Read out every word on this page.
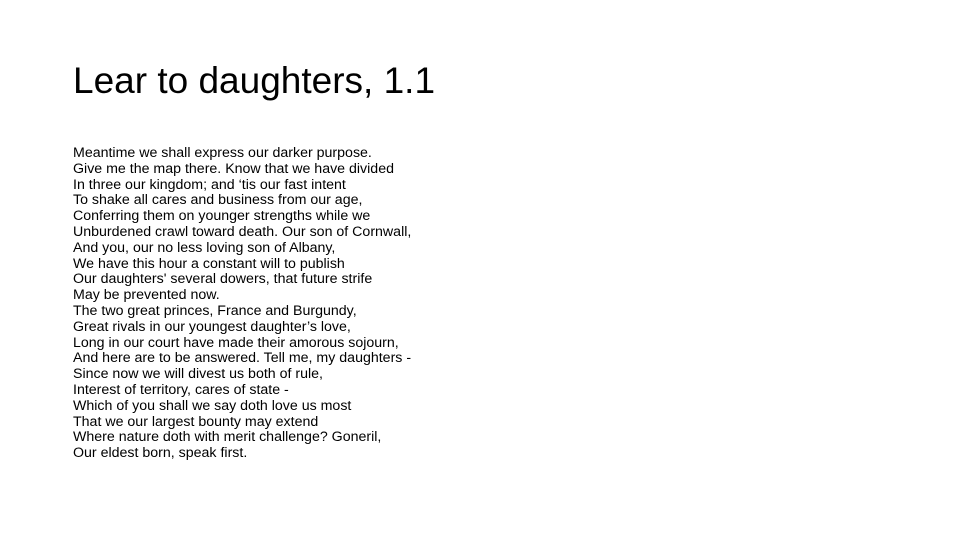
Lear to daughters, 1.1
Meantime we shall express our darker purpose.
Give me the map there. Know that we have divided
In three our kingdom; and ‘tis our fast intent
To shake all cares and business from our age,
Conferring them on younger strengths while we
Unburdened crawl toward death. Our son of Cornwall,
And you, our no less loving son of Albany,
We have this hour a constant will to publish
Our daughters' several dowers, that future strife
May be prevented now.
The two great princes, France and Burgundy,
Great rivals in our youngest daughter’s love,
Long in our court have made their amorous sojourn,
And here are to be answered. Tell me, my daughters -
Since now we will divest us both of rule,
Interest of territory, cares of state -
Which of you shall we say doth love us most
That we our largest bounty may extend
Where nature doth with merit challenge? Goneril,
Our eldest born, speak first.
